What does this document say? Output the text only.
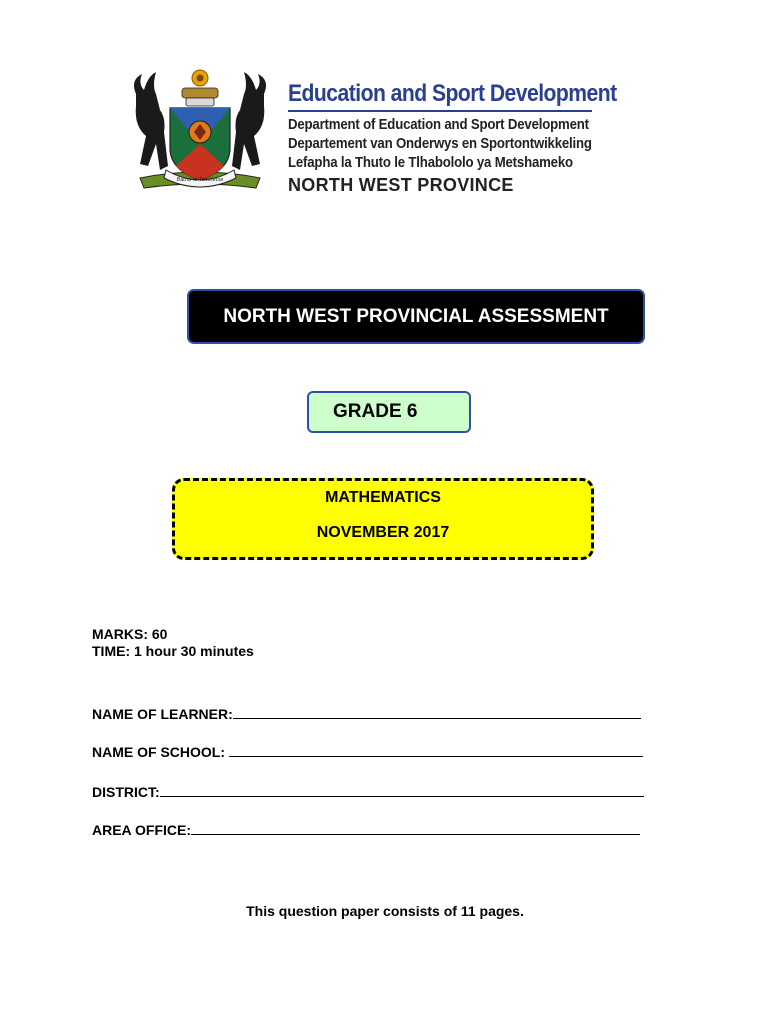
Batho le Tsweletse
Education and Sport Development
Department of Education and Sport Development
Departement van Onderwys en Sportontwikkeling
Lefapha la Thuto le Tlhabololo ya Metshameko
NORTH WEST PROVINCE
NORTH WEST PROVINCIAL ASSESSMENT
GRADE 6
MATHEMATICS
NOVEMBER 2017
MARKS: 60
TIME: 1 hour 30 minutes
NAME OF LEARNER:
NAME OF SCHOOL:
DISTRICT:
AREA OFFICE:
This question paper consists of 11 pages.
